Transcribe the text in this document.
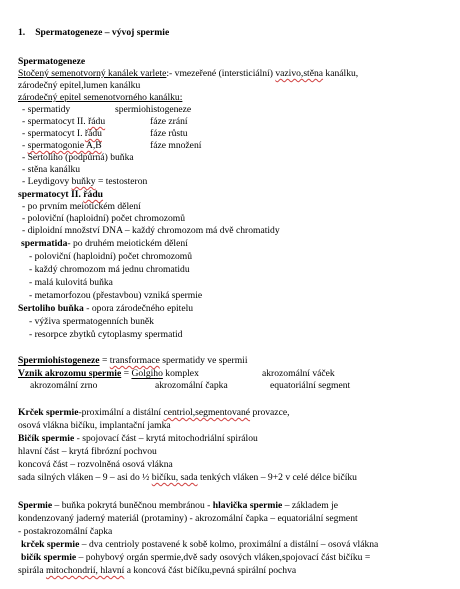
1. Spermatogeneze – vývoj spermie
Spermatogeneze
Stočený semenotvorný kanálek varlete:- vmezeřené (intersticiální) vazivo,stěna kanálku,
zárodečný epitel,lumen kanálku
zárodečný epitel semenotvorného kanálku:
- spermatidy	spermiohistogeneze
- spermatocyt II. řádu	fáze zrání
- spermatocyt I. řádu	fáze růstu
- spermatogonie A,B	fáze množení
- Sertoliho (podpůrná) buňka
- stěna kanálku
- Leydigovy buňky = testosteron
spermatocyt II. řádu
- po prvním meiotickém dělení
- poloviční (haploidní) počet chromozomů
- diploidní množství DNA – každý chromozom má dvě chromatidy
spermatida- po druhém meiotickém dělení
- poloviční (haploidní) počet chromozomů
- každý chromozom má jednu chromatidu
- malá kulovitá buňka
- metamorfozou (přestavbou) vzniká spermie
Sertoliho buňka - opora zárodečného epitelu
- výživa spermatogenních buněk
- resorpce zbytků cytoplasmy spermatid
Spermiohistogeneze = transformace spermatidy ve spermii
Vznik akrozomu spermie = Golgiho komplex	akrozomální váček
akrozomální zrno	akrozomální čapka	equatoriální segment
Krček spermie-proximální a distální centriol,segmentované provazce,
osová vlákna bičíku, implantační jamka
Bičík spermie - spojovací část – krytá mitochodriální spirálou
hlavní část – krytá fibrózní pochvou
koncová část – rozvolněná osová vlákna
sada silných vláken – 9 – asi do ½ bičíku, sada tenkých vláken – 9+2 v celé délce bičíku
Spermie – buňka pokrytá buněčnou membránou - hlavička spermie – základem je
kondenzovaný jaderný materiál (protaminy) - akrozomální čapka – equatoriální segment
- postakrozomální čapka
krček spermie – dva centrioly postavené k sobě kolmo, proximální a distální – osová vlákna
bičík spermie – pohybový orgán spermie,dvě sady osových vláken,spojovací část bičíku =
spirála mitochondrií, hlavní a koncová část bičíku,pevná spirální pochva
